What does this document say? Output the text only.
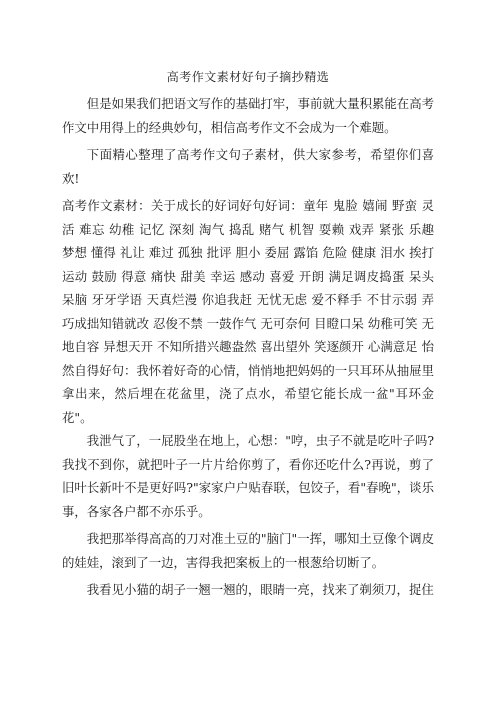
高考作文素材好句子摘抄精选

但是如果我们把语文写作的基础打牢，事前就大量积累能在高考作文中用得上的经典妙句，相信高考作文不会成为一个难题。

下面精心整理了高考作文句子素材，供大家参考，希望你们喜欢!

高考作文素材：关于成长的好词好句好词：童年 鬼脸 嬉闹 野蛮 灵活 难忘 幼稚 记忆 深刻 淘气 捣乱 赌气 机智 耍赖 戏弄 紧张 乐趣 梦想 懂得 礼让 难过 孤独 批评 胆小 委屈 露馅 危险 健康 泪水 挨打运动 鼓励 得意 痛快 甜美 幸运 感动 喜爱 开朗 满足调皮捣蛋 呆头呆脑 牙牙学语 天真烂漫 你追我赶 无忧无虑 爱不释手 不甘示弱 弄巧成拙知错就改 忍俊不禁 一鼓作气 无可奈何 目瞪口呆 幼稚可笑 无地自容 异想天开 不知所措兴趣盎然 喜出望外 笑逐颜开 心满意足 怡然自得好句：我怀着好奇的心情，悄悄地把妈妈的一只耳环从抽屉里拿出来，然后埋在花盆里，浇了点水，希望它能长成一盆"耳环金花"。

我泄气了，一屁股坐在地上，心想："哼，虫子不就是吃叶子吗?我找不到你，就把叶子一片片给你剪了，看你还吃什么?再说，剪了旧叶长新叶不是更好吗?"家家户户贴春联，包饺子，看"春晚"，谈乐事，各家各户都不亦乐乎。

我把那举得高高的刀对准土豆的"脑门"一挥，哪知土豆像个调皮的娃娃，滚到了一边，害得我把案板上的一根葱给切断了。

我看见小猫的胡子一翘一翘的，眼睛一亮，找来了剃须刀，捉住
